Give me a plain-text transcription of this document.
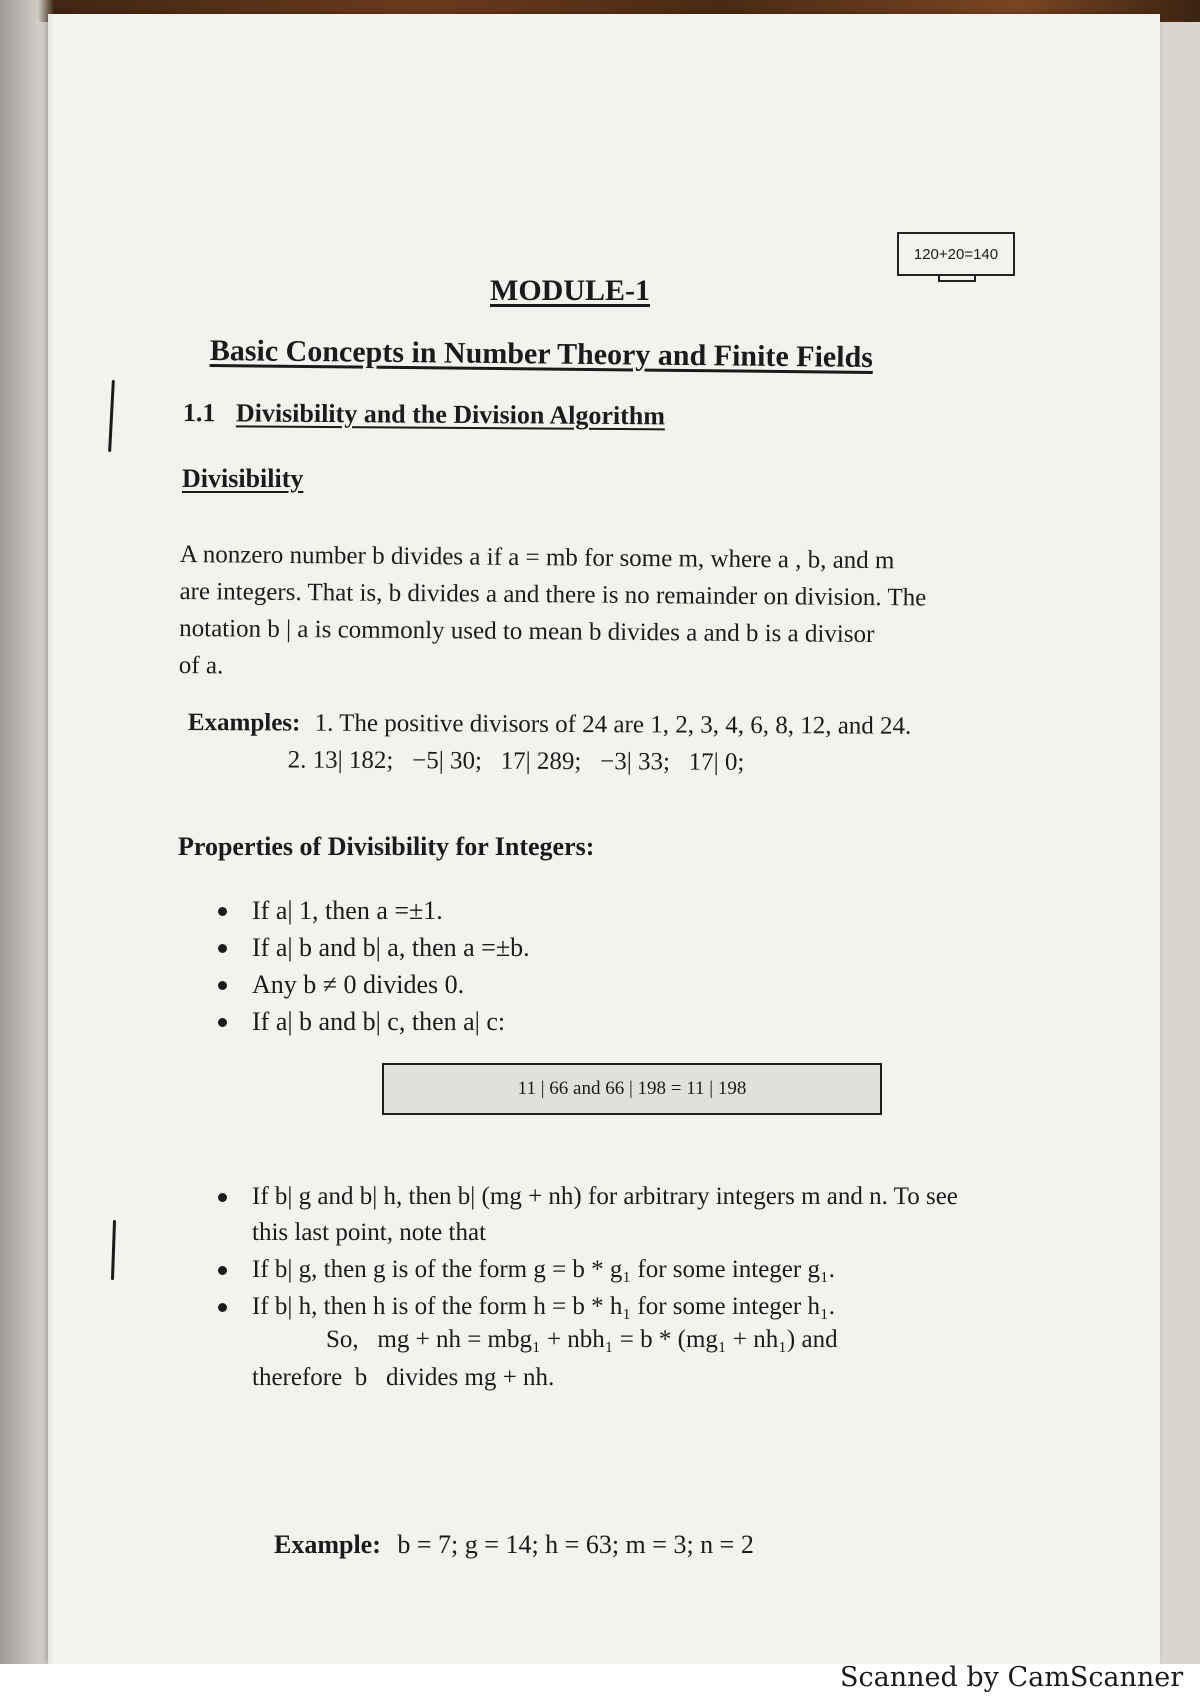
120+20=140
MODULE-1
Basic Concepts in Number Theory and Finite Fields
1.1 Divisibility and the Division Algorithm
Divisibility
A nonzero number b divides a if a = mb for some m, where a , b, and m
are integers. That is, b divides a and there is no remainder on division. The
notation b | a is commonly used to mean b divides a and b is a divisor
of a.
Examples: 1. The positive divisors of 24 are 1, 2, 3, 4, 6, 8, 12, and 24.
2. 13| 182;   −5| 30;   17| 289;   −3| 33;   17| 0;
Properties of Divisibility for Integers:
If a| 1, then a =±1.
If a| b and b| a, then a =±b.
Any b ≠ 0 divides 0.
If a| b and b| c, then a| c:
11 | 66 and 66 | 198 = 11 | 198
If b| g and b| h, then b| (mg + nh) for arbitrary integers m and n. To see
this last point, note that
If b| g, then g is of the form g = b * g₁ for some integer g₁.
If b| h, then h is of the form h = b * h₁ for some integer h₁.
So,   mg + nh = mbg₁ + nbh₁ = b * (mg₁ + nh₁) and
therefore  b   divides mg + nh.
Example: b = 7; g = 14; h = 63; m = 3; n = 2
Scanned by CamScanner
